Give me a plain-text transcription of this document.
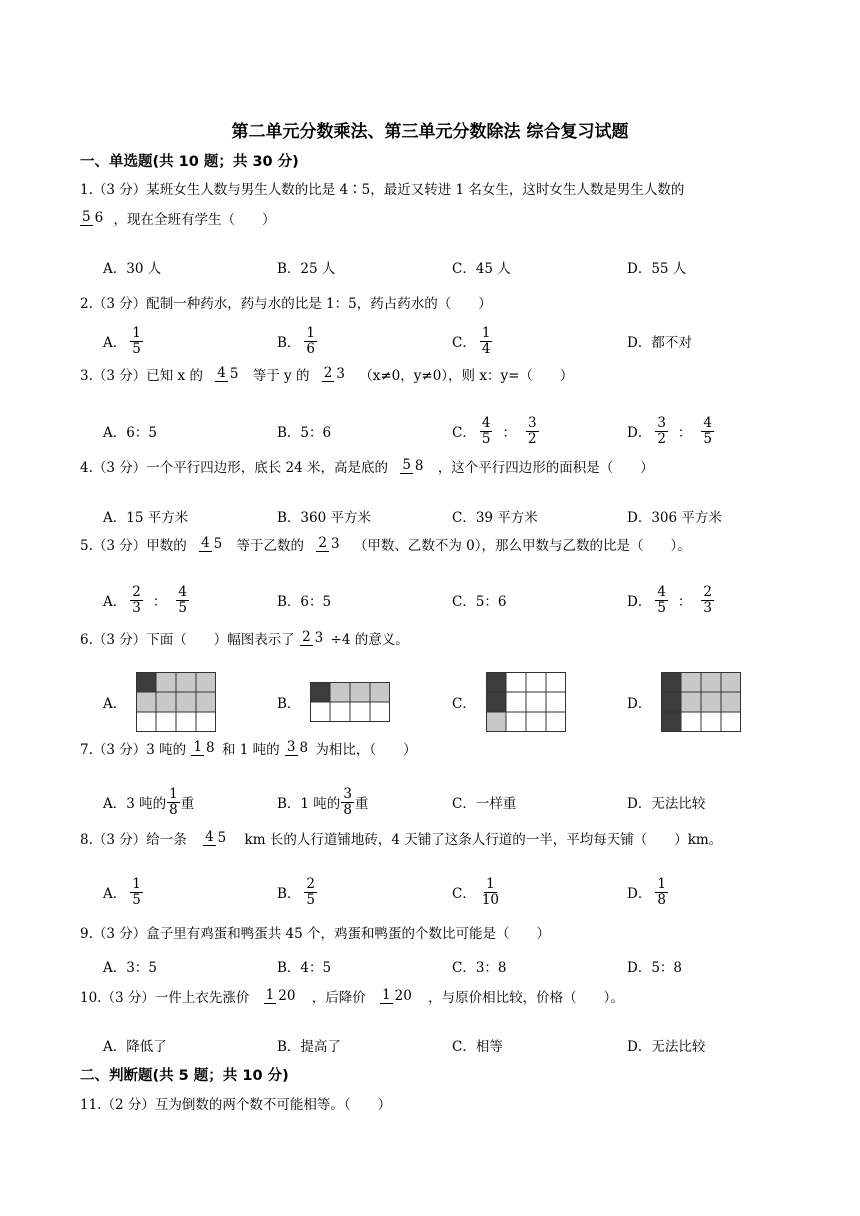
第二单元分数乘法、第三单元分数除法 综合复习试题
一、单选题(共 10 题；共 30 分)
1.（3 分）某班女生人数与男生人数的比是 4∶5，最近又转进 1 名女生，这时女生人数是男生人数的
5 6 ，现在全班有学生（　　）
A．30 人	B．25 人	C．45 人	D．55 人
2.（3 分）配制一种药水，药与水的比是 1：5，药占药水的（　　）
A． $\frac{1}{5}$	B． $\frac{1}{6}$	C． $\frac{1}{4}$	D．都不对
3.（3 分）已知 x 的 4 5 等于 y 的 2 3 （x≠0，y≠0），则 x：y=（　　）
A．6：5	B．5：6	C． $\frac{4}{5}$ ： $\frac{3}{2}$	D． $\frac{3}{2}$ ： $\frac{4}{5}$
4.（3 分）一个平行四边形，底长 24 米，高是底的 5 8 ，这个平行四边形的面积是（　　）
A．15 平方米	B．360 平方米	C．39 平方米	D．306 平方米
5.（3 分）甲数的 4 5 等于乙数的 2 3 （甲数、乙数不为 0），那么甲数与乙数的比是（　　）。
A． $\frac{2}{3}$ ： $\frac{4}{5}$	B．6：5	C．5：6	D． $\frac{4}{5}$ ： $\frac{2}{3}$
6.（3 分）下面（　　）幅图表示了 2 3 ÷4 的意义。
A．	B．	C．	D．
7.（3 分）3 吨的 1 8 和 1 吨的 3 8 为相比，（　　）
A．3 吨的 $\frac{1}{8}$ 重	B．1 吨的 $\frac{3}{8}$ 重	C．一样重	D．无法比较
8.（3 分）给一条 4 5 km 长的人行道铺地砖，4 天铺了这条人行道的一半，平均每天铺（　　）km。
A． $\frac{1}{5}$	B． $\frac{2}{5}$	C． $\frac{1}{10}$	D． $\frac{1}{8}$
9.（3 分）盒子里有鸡蛋和鸭蛋共 45 个，鸡蛋和鸭蛋的个数比可能是（　　）
A．3：5	B．4：5	C．3：8	D．5：8
10.（3 分）一件上衣先涨价 1 20 ，后降价 1 20 ，与原价相比较，价格（　　）。
A．降低了	B．提高了	C．相等	D．无法比较
二、判断题(共 5 题；共 10 分)
11.（2 分）互为倒数的两个数不可能相等。（　　）
